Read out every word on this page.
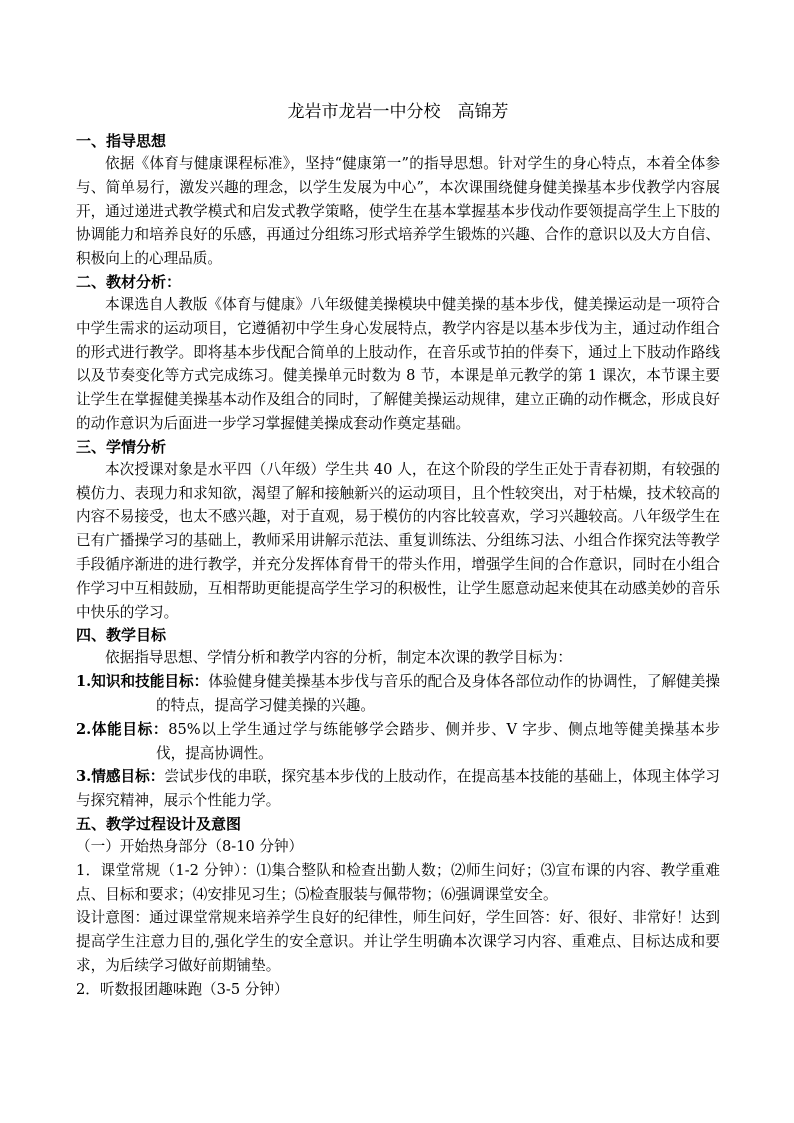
龙岩市龙岩一中分校　高锦芳

一、指导思想

依据《体育与健康课程标准》，坚持“健康第一”的指导思想。针对学生的身心特点，本着全体参与、简单易行，激发兴趣的理念，以学生发展为中心”，本次课围绕健身健美操基本步伐教学内容展开，通过递进式教学模式和启发式教学策略，使学生在基本掌握基本步伐动作要领提高学生上下肢的协调能力和培养良好的乐感，再通过分组练习形式培养学生锻炼的兴趣、合作的意识以及大方自信、积极向上的心理品质。

二、教材分析：

本课选自人教版《体育与健康》八年级健美操模块中健美操的基本步伐，健美操运动是一项符合中学生需求的运动项目，它遵循初中学生身心发展特点，教学内容是以基本步伐为主，通过动作组合的形式进行教学。即将基本步伐配合简单的上肢动作，在音乐或节拍的伴奏下，通过上下肢动作路线以及节奏变化等方式完成练习。健美操单元时数为 8 节，本课是单元教学的第 1 课次，本节课主要让学生在掌握健美操基本动作及组合的同时，了解健美操运动规律，建立正确的动作概念，形成良好的动作意识为后面进一步学习掌握健美操成套动作奠定基础。

三、学情分析

本次授课对象是水平四（八年级）学生共 40 人，在这个阶段的学生正处于青春初期，有较强的模仿力、表现力和求知欲，渴望了解和接触新兴的运动项目，且个性较突出，对于枯燥，技术较高的内容不易接受，也太不感兴趣，对于直观，易于模仿的内容比较喜欢，学习兴趣较高。八年级学生在已有广播操学习的基础上，教师采用讲解示范法、重复训练法、分组练习法、小组合作探究法等教学手段循序渐进的进行教学，并充分发挥体育骨干的带头作用，增强学生间的合作意识，同时在小组合作学习中互相鼓励，互相帮助更能提高学生学习的积极性，让学生愿意动起来使其在动感美妙的音乐中快乐的学习。

四、教学目标

依据指导思想、学情分析和教学内容的分析，制定本次课的教学目标为：

1.知识和技能目标：体验健身健美操基本步伐与音乐的配合及身体各部位动作的协调性，了解健美操的特点，提高学习健美操的兴趣。

2.体能目标：85%以上学生通过学与练能够学会踏步、侧并步、V 字步、侧点地等健美操基本步伐，提高协调性。

3.情感目标：尝试步伐的串联，探究基本步伐的上肢动作，在提高基本技能的基础上，体现主体学习与探究精神，展示个性能力学。

五、教学过程设计及意图

（一）开始热身部分（8-10 分钟）

1．课堂常规（1-2 分钟）：⑴集合整队和检查出勤人数；⑵师生问好；⑶宣布课的内容、教学重难点、目标和要求；⑷安排见习生；⑸检查服装与佩带物；⑹强调课堂安全。

设计意图：通过课堂常规来培养学生良好的纪律性，师生问好，学生回答：好、很好、非常好！达到提高学生注意力目的,强化学生的安全意识。并让学生明确本次课学习内容、重难点、目标达成和要求，为后续学习做好前期铺垫。

2．听数报团趣味跑（3-5 分钟）
